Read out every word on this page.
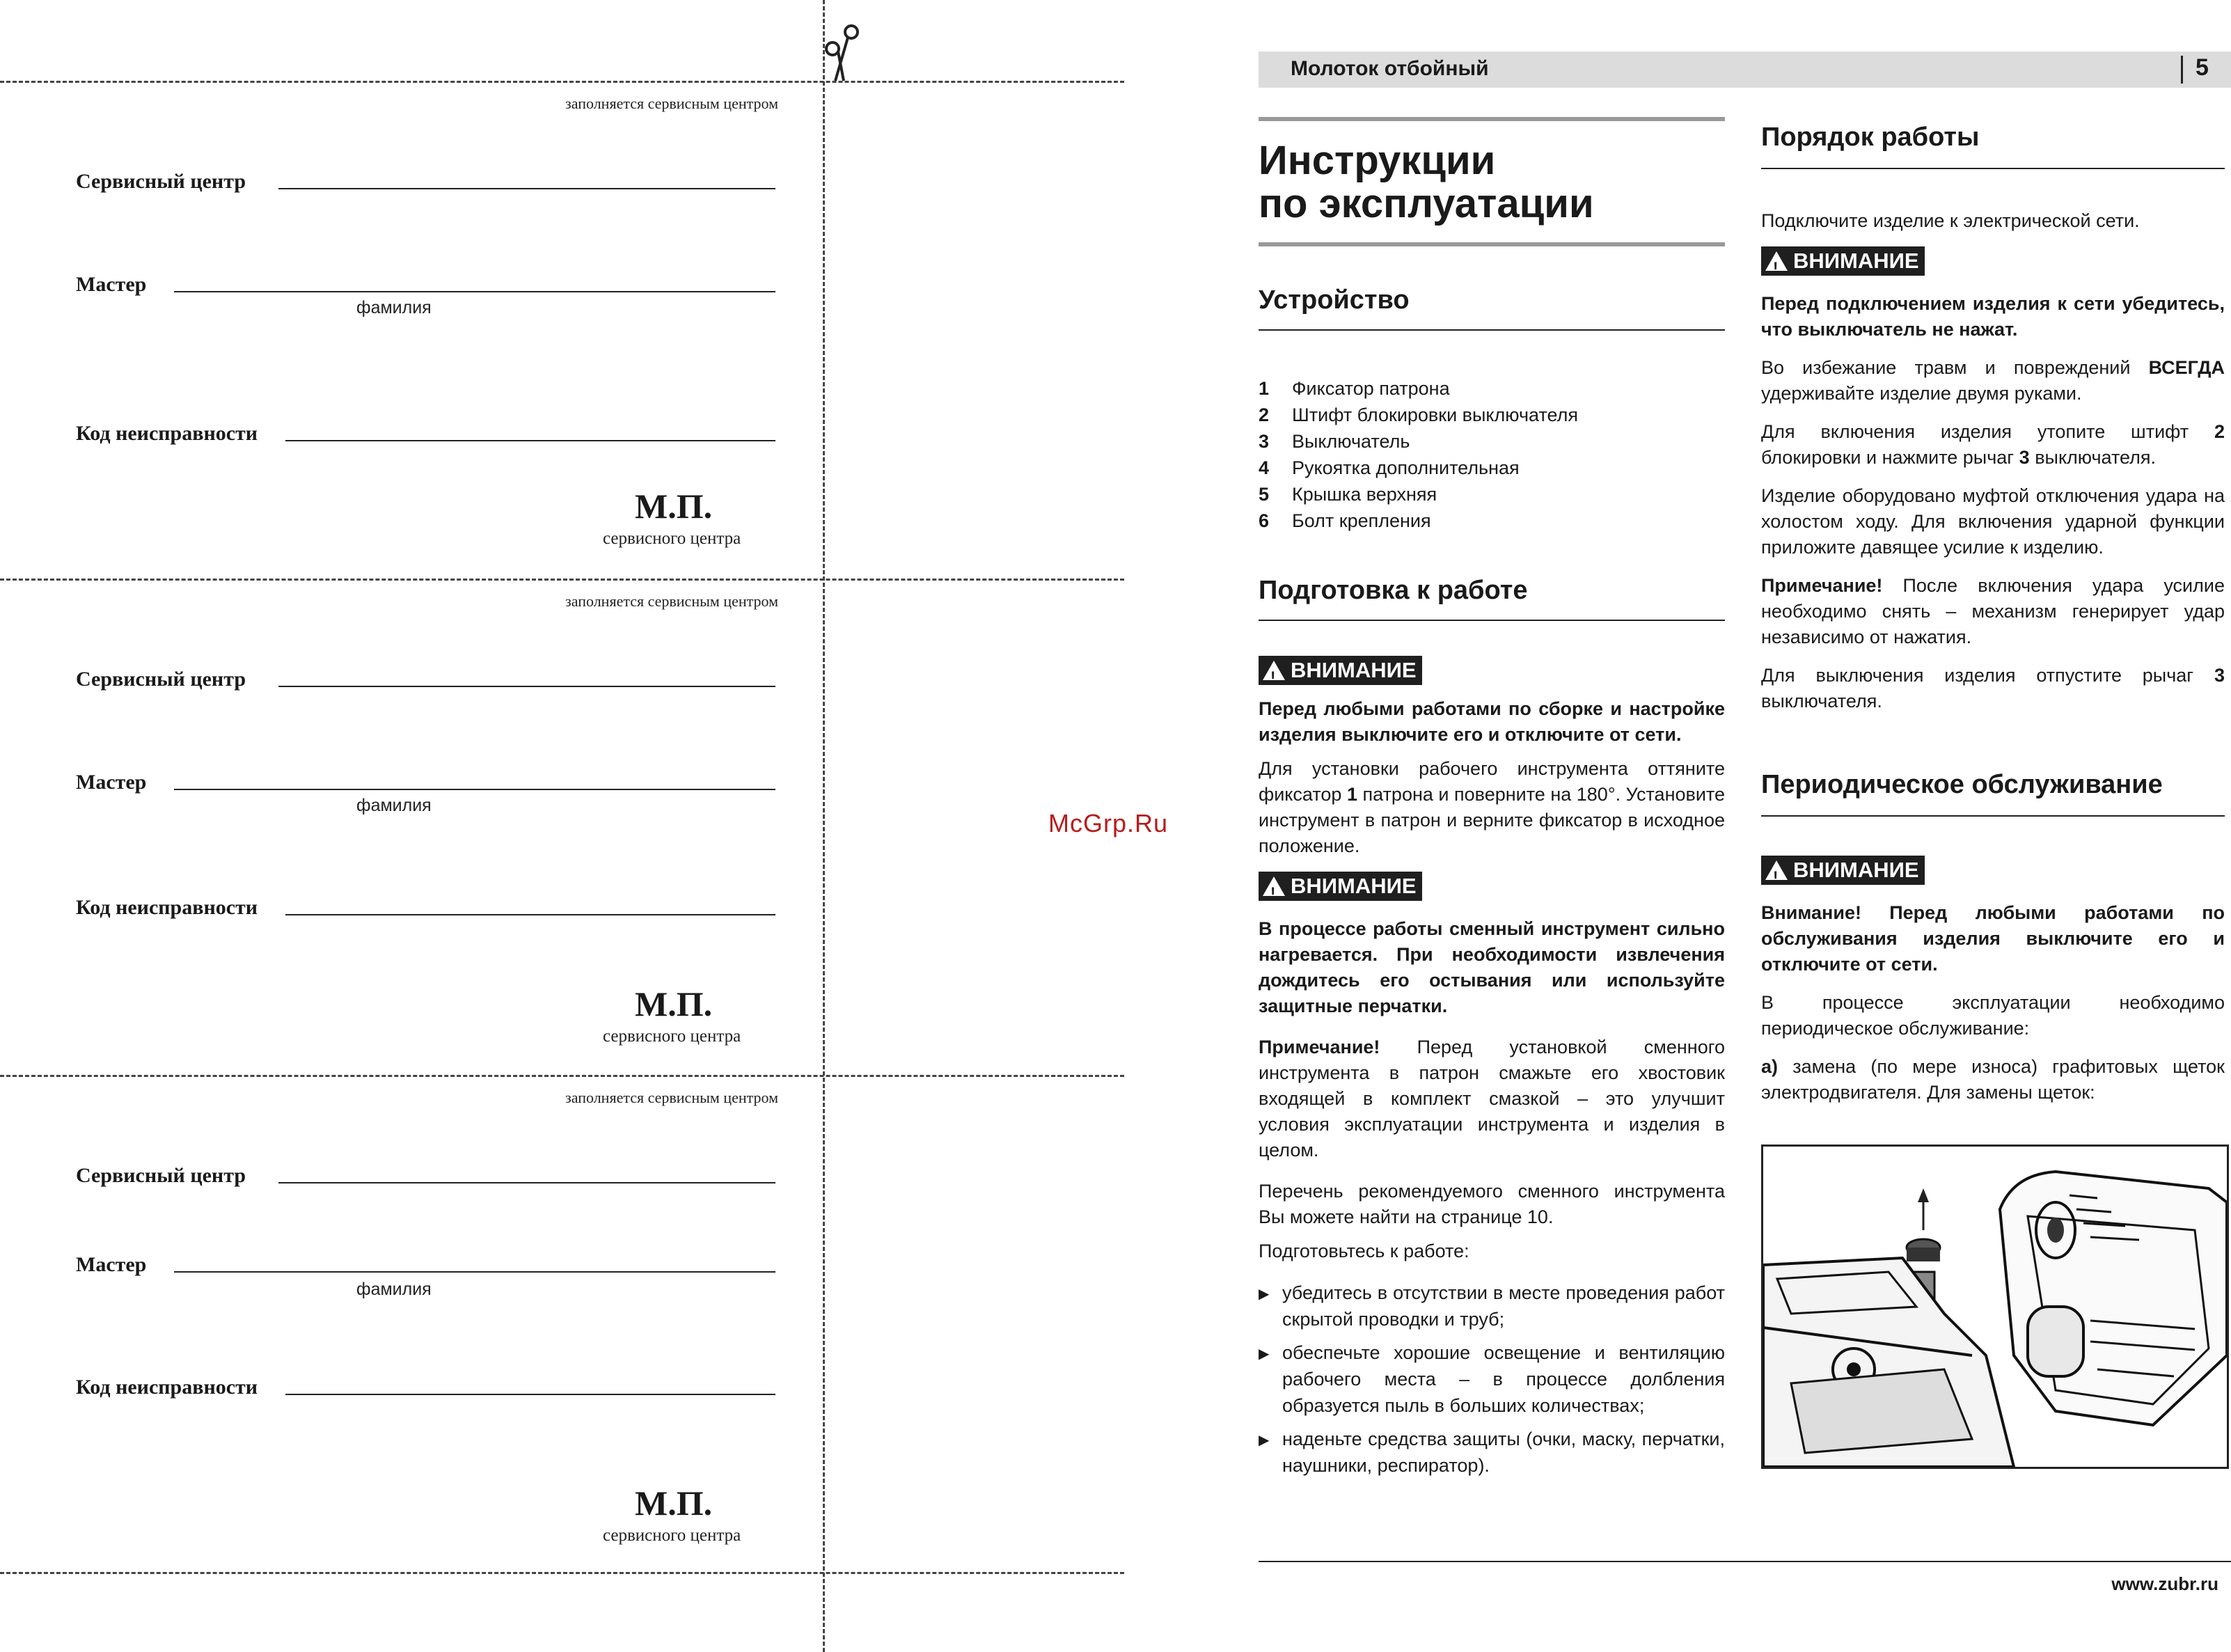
заполняется сервисным центром
Сервисный центр
Мастер
фамилия
Код неисправности
М.П.
сервисного центра
заполняется сервисным центром
Сервисный центр
Мастер
фамилия
Код неисправности
М.П.
сервисного центра
заполняется сервисным центром
Сервисный центр
Мастер
фамилия
Код неисправности
М.П.
сервисного центра
McGrp.Ru
Молоток отбойный	5
Инструкции
по эксплуатации
Устройство
1	Фиксатор патрона
2	Штифт блокировки выключателя
3	Выключатель
4	Рукоятка дополнительная
5	Крышка верхняя
6	Болт крепления
Подготовка к работе
!
ВНИМАНИЕ
Перед любыми работами по сборке и настройке изделия выключите его и отключите от сети.
Для установки рабочего инструмента оттяните фиксатор 1 патрона и поверните на 180°. Установите инструмент в патрон и верните фиксатор в исходное положение.
!
ВНИМАНИЕ
В процессе работы сменный инструмент сильно нагревается. При необходимости извлечения дождитесь его остывания или используйте защитные перчатки.
Примечание! Перед установкой сменного инструмента в патрон смажьте его хвостовик входящей в комплект смазкой – это улучшит условия эксплуатации инструмента и изделия в целом.
Перечень рекомендуемого сменного инструмента Вы можете найти на странице 10.
Подготовьтесь к работе:
▶ убедитесь в отсутствии в месте проведения работ скрытой проводки и труб;
▶ обеспечьте хорошие освещение и вентиляцию рабочего места – в процессе долбления образуется пыль в больших количествах;
▶ наденьте средства защиты (очки, маску, перчатки, наушники, респиратор).
Порядок работы
Подключите изделие к электрической сети.
!
ВНИМАНИЕ
Перед подключением изделия к сети убедитесь, что выключатель не нажат.
Во избежание травм и повреждений ВСЕГДА удерживайте изделие двумя руками.
Для включения изделия утопите штифт 2 блокировки и нажмите рычаг 3 выключателя.
Изделие оборудовано муфтой отключения удара на холостом ходу. Для включения ударной функции приложите давящее усилие к изделию.
Примечание! После включения удара усилие необходимо снять – механизм генерирует удар независимо от нажатия.
Для выключения изделия отпустите рычаг 3 выключателя.
Периодическое обслуживание
!
ВНИМАНИЕ
Внимание! Перед любыми работами по обслуживания изделия выключите его и отключите от сети.
В процессе эксплуатации необходимо периодическое обслуживание:
а) замена (по мере износа) графитовых щеток электродвигателя. Для замены щеток:
www.zubr.ru
